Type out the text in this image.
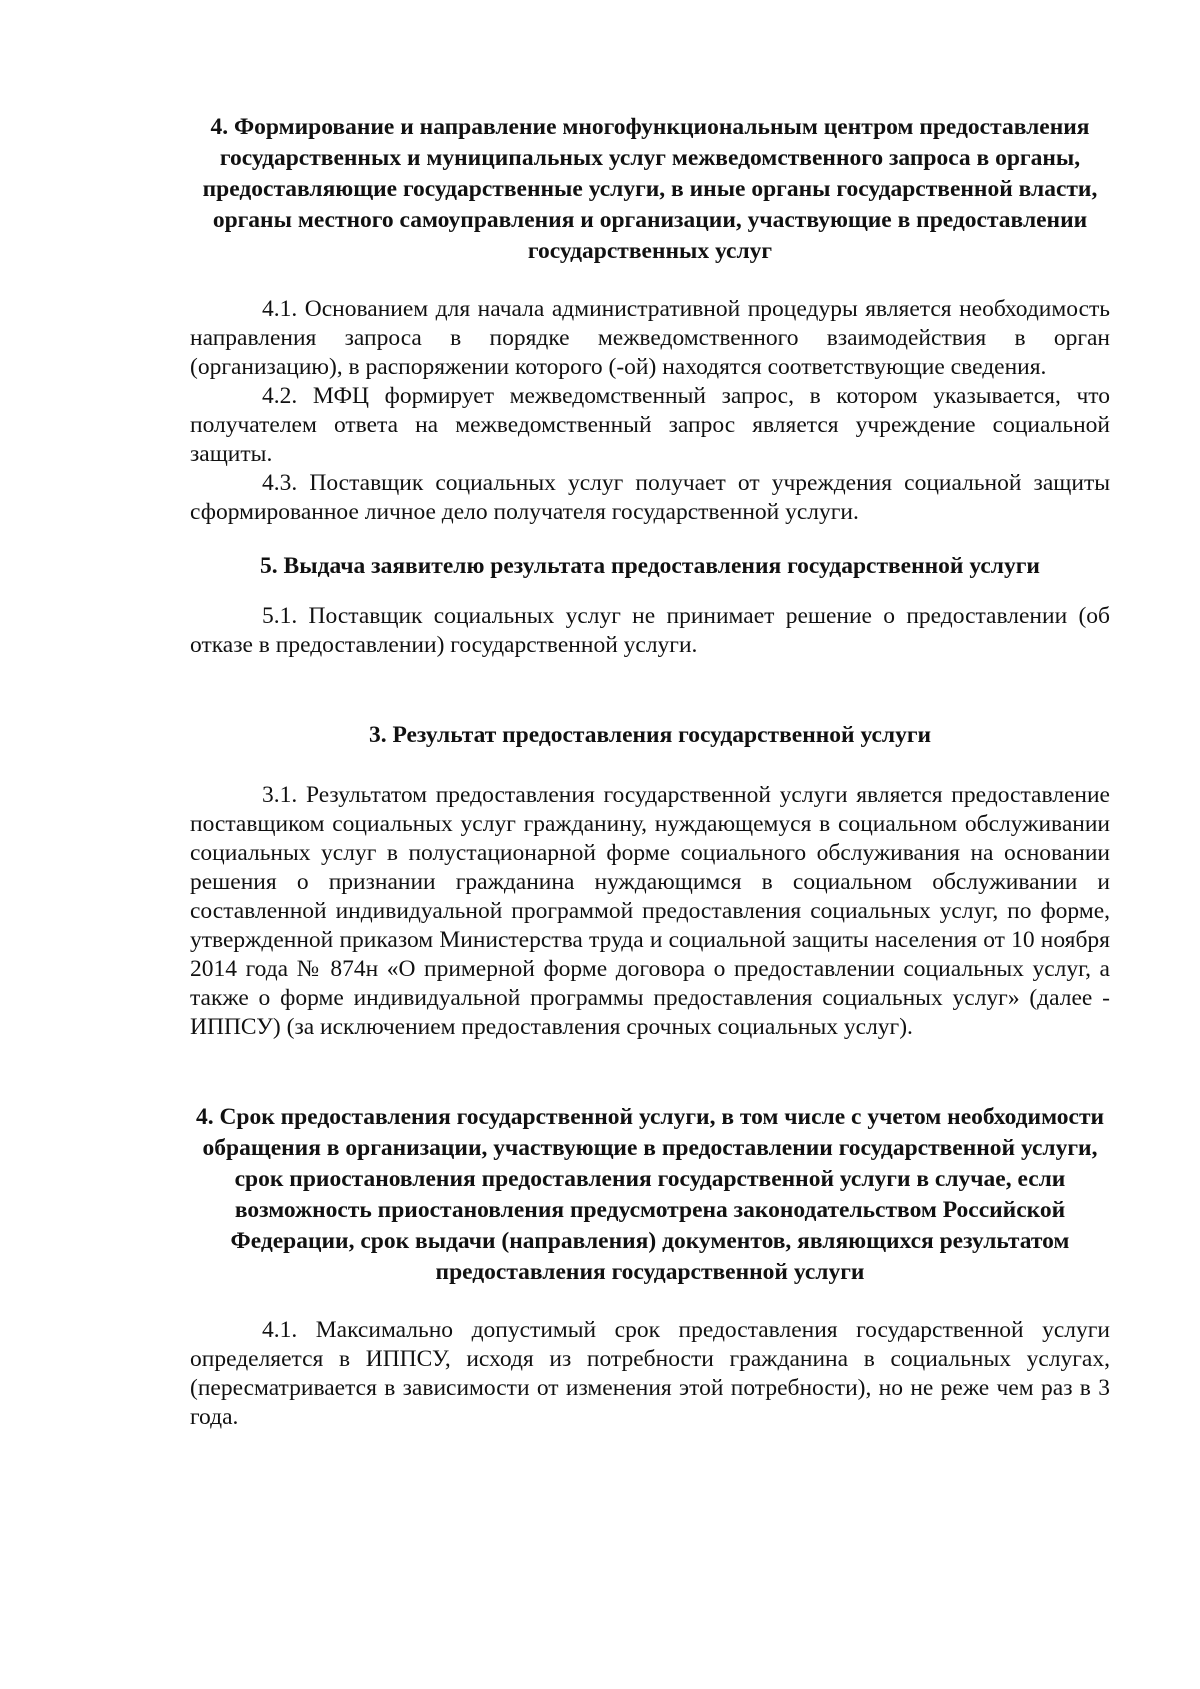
4. Формирование и направление многофункциональным центром предоставления государственных и муниципальных услуг межведомственного запроса в органы, предоставляющие государственные услуги, в иные органы государственной власти, органы местного самоуправления и организации, участвующие в предоставлении государственных услуг

4.1. Основанием для начала административной процедуры является необходимость направления запроса в порядке межведомственного взаимодействия в орган (организацию), в распоряжении которого (-ой) находятся соответствующие сведения.

4.2. МФЦ формирует межведомственный запрос, в котором указывается, что получателем ответа на межведомственный запрос является учреждение социальной защиты.

4.3. Поставщик социальных услуг получает от учреждения социальной защиты сформированное личное дело получателя государственной услуги.

5. Выдача заявителю результата предоставления государственной услуги

5.1. Поставщик социальных услуг не принимает решение о предоставлении (об отказе в предоставлении) государственной услуги.

3. Результат предоставления государственной услуги

3.1. Результатом предоставления государственной услуги является предоставление поставщиком социальных услуг гражданину, нуждающемуся в социальном обслуживании социальных услуг в полустационарной форме социального обслуживания на основании решения о признании гражданина нуждающимся в социальном обслуживании и составленной индивидуальной программой предоставления социальных услуг, по форме, утвержденной приказом Министерства труда и социальной защиты населения от 10 ноября 2014 года № 874н «О примерной форме договора о предоставлении социальных услуг, а также о форме индивидуальной программы предоставления социальных услуг» (далее - ИППСУ) (за исключением предоставления срочных социальных услуг).

4. Срок предоставления государственной услуги, в том числе с учетом необходимости обращения в организации, участвующие в предоставлении государственной услуги, срок приостановления предоставления государственной услуги в случае, если возможность приостановления предусмотрена законодательством Российской Федерации, срок выдачи (направления) документов, являющихся результатом предоставления государственной услуги

4.1. Максимально допустимый срок предоставления государственной услуги определяется в ИППСУ, исходя из потребности гражданина в социальных услугах, (пересматривается в зависимости от изменения этой потребности), но не реже чем раз в 3 года.
